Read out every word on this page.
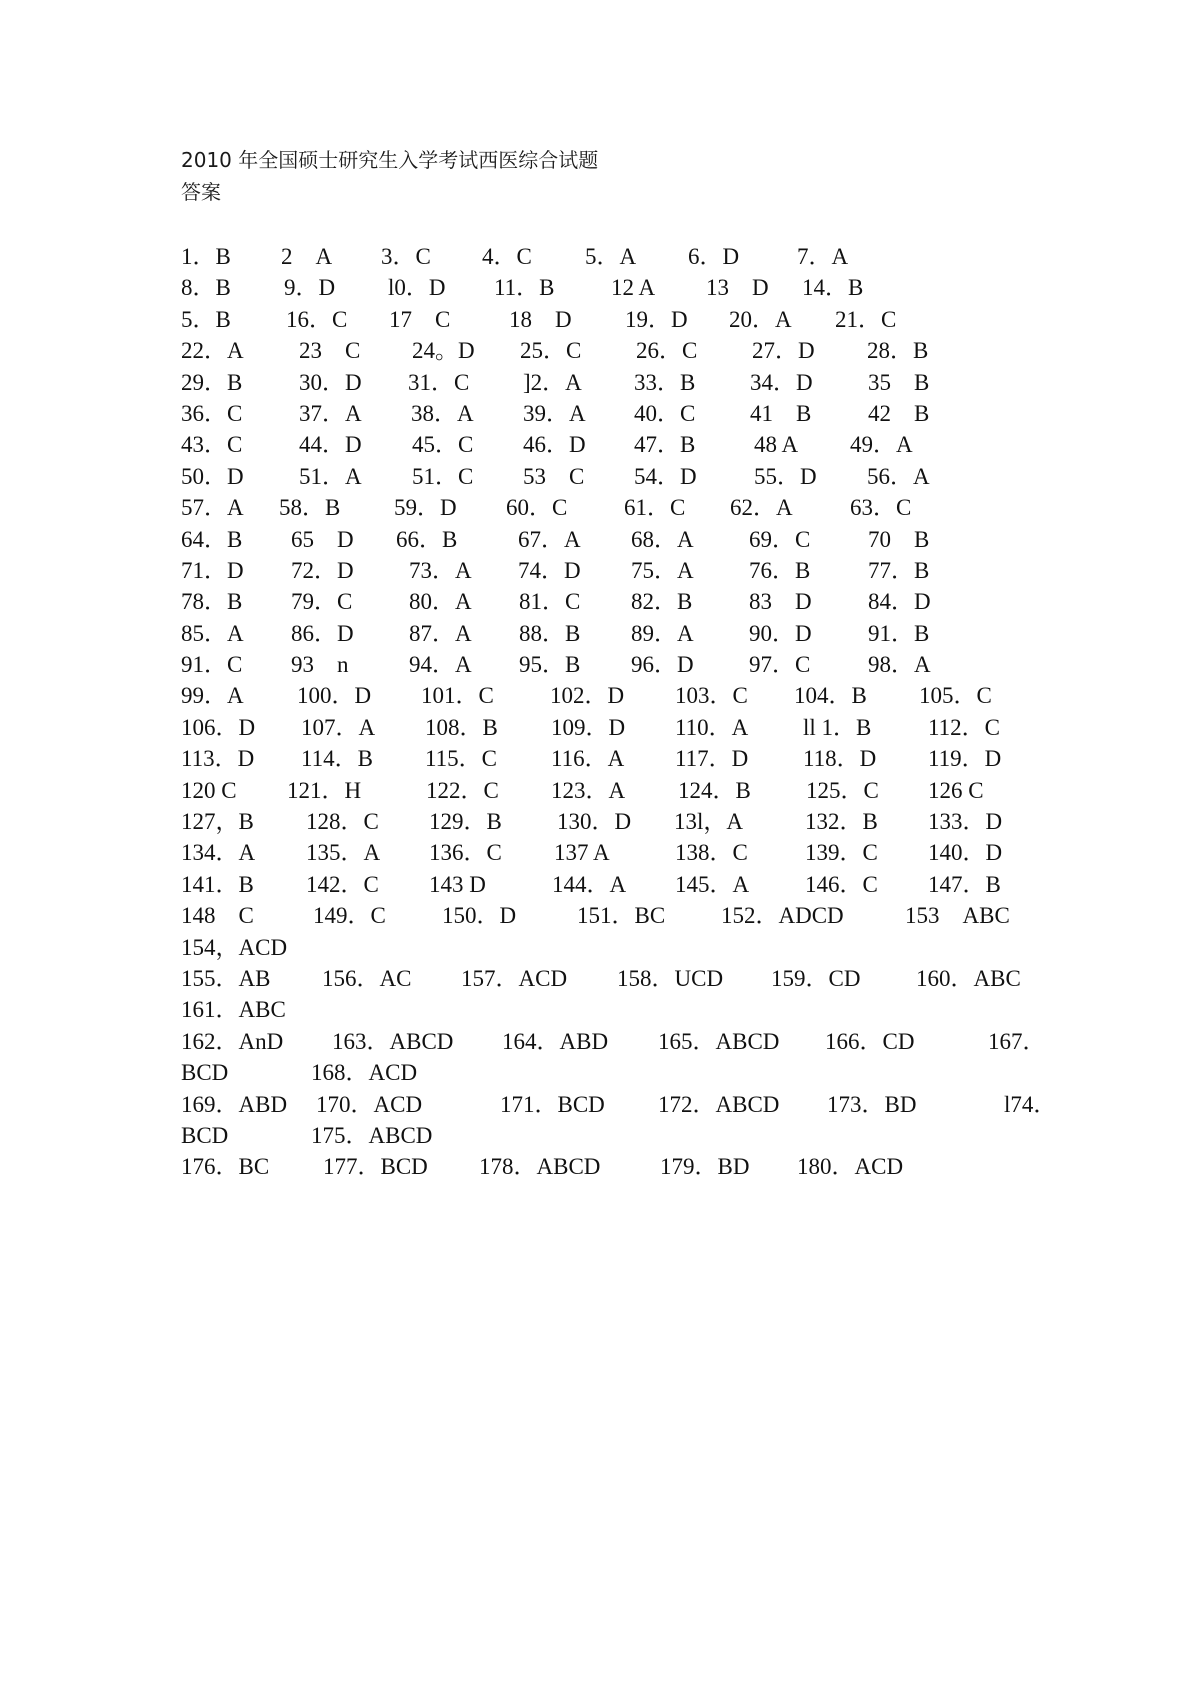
2010 年全国硕士研究生入学考试西医综合试题
答案
1．B 2　A 3．C 4．C 5．A 6．D	7．A
8．B 9．D l0．D 11．B 12 A 13　D 14．B
5．B 16．C 17　C	18　D 19．D 20．A 21．C
22．A 23　C 24。D 25．C 26．C 27．D 28．B
29．B 30．D 31．C ]2．A 33．B 34．D 35　B
36．C 37．A 38．A 39．A 40．C 41　B 42　B
43．C 44．D 45．C 46．D 47．B	48 A 49．A
50．D 51．A 51．C 53　C 54．D 55．D 56．A
57．A 58．B 59．D 60．C 61．C 62．A 63．C
64．B 65　D 66．B	67．A 68．A 69．C	70　B
71．D 72．D 73．A 74．D 75．A 76．B	77．B
78．B 79．C 80．A 81．C 82．B 83　D 84．D
85．A 86．D 87．A 88．B 89．A 90．D 91．B
91．C 93　n	94．A 95．B 96．D 97．C	98．A
99．A 100．D 101．C 102．D 103．C 104．B 105．C
106．D 107．A 108．B 109．D 110．A ll 1．B 112．C
113．D 114．B 115．C 116．A 117．D 118．D 119．D
120 C 121．H	122．C 123．A 124．B 125．C 126 C
127，B 128．C 129．B 130．D 13l，A	132．B 133．D
134．A 135．A 136．C 137 A	138．C 139．C 140．D
141．B 142．C 143 D	144．A 145．A 146．C 147．B
148　C	149．C 150．D	151．BC 152．ADCD	153　ABC
154，ACD
155．AB 156．AC 157．ACD 158．UCD 159．CD 160．ABC
161．ABC
162．AnD 163．ABCD 164．ABD 165．ABCD 166．CD	167．
BCD	168．ACD
169．ABD 170．ACD	171．BCD 172．ABCD 173．BD	l74．
BCD	175．ABCD
176．BC 177．BCD 178．ABCD	179．BD 180．ACD
